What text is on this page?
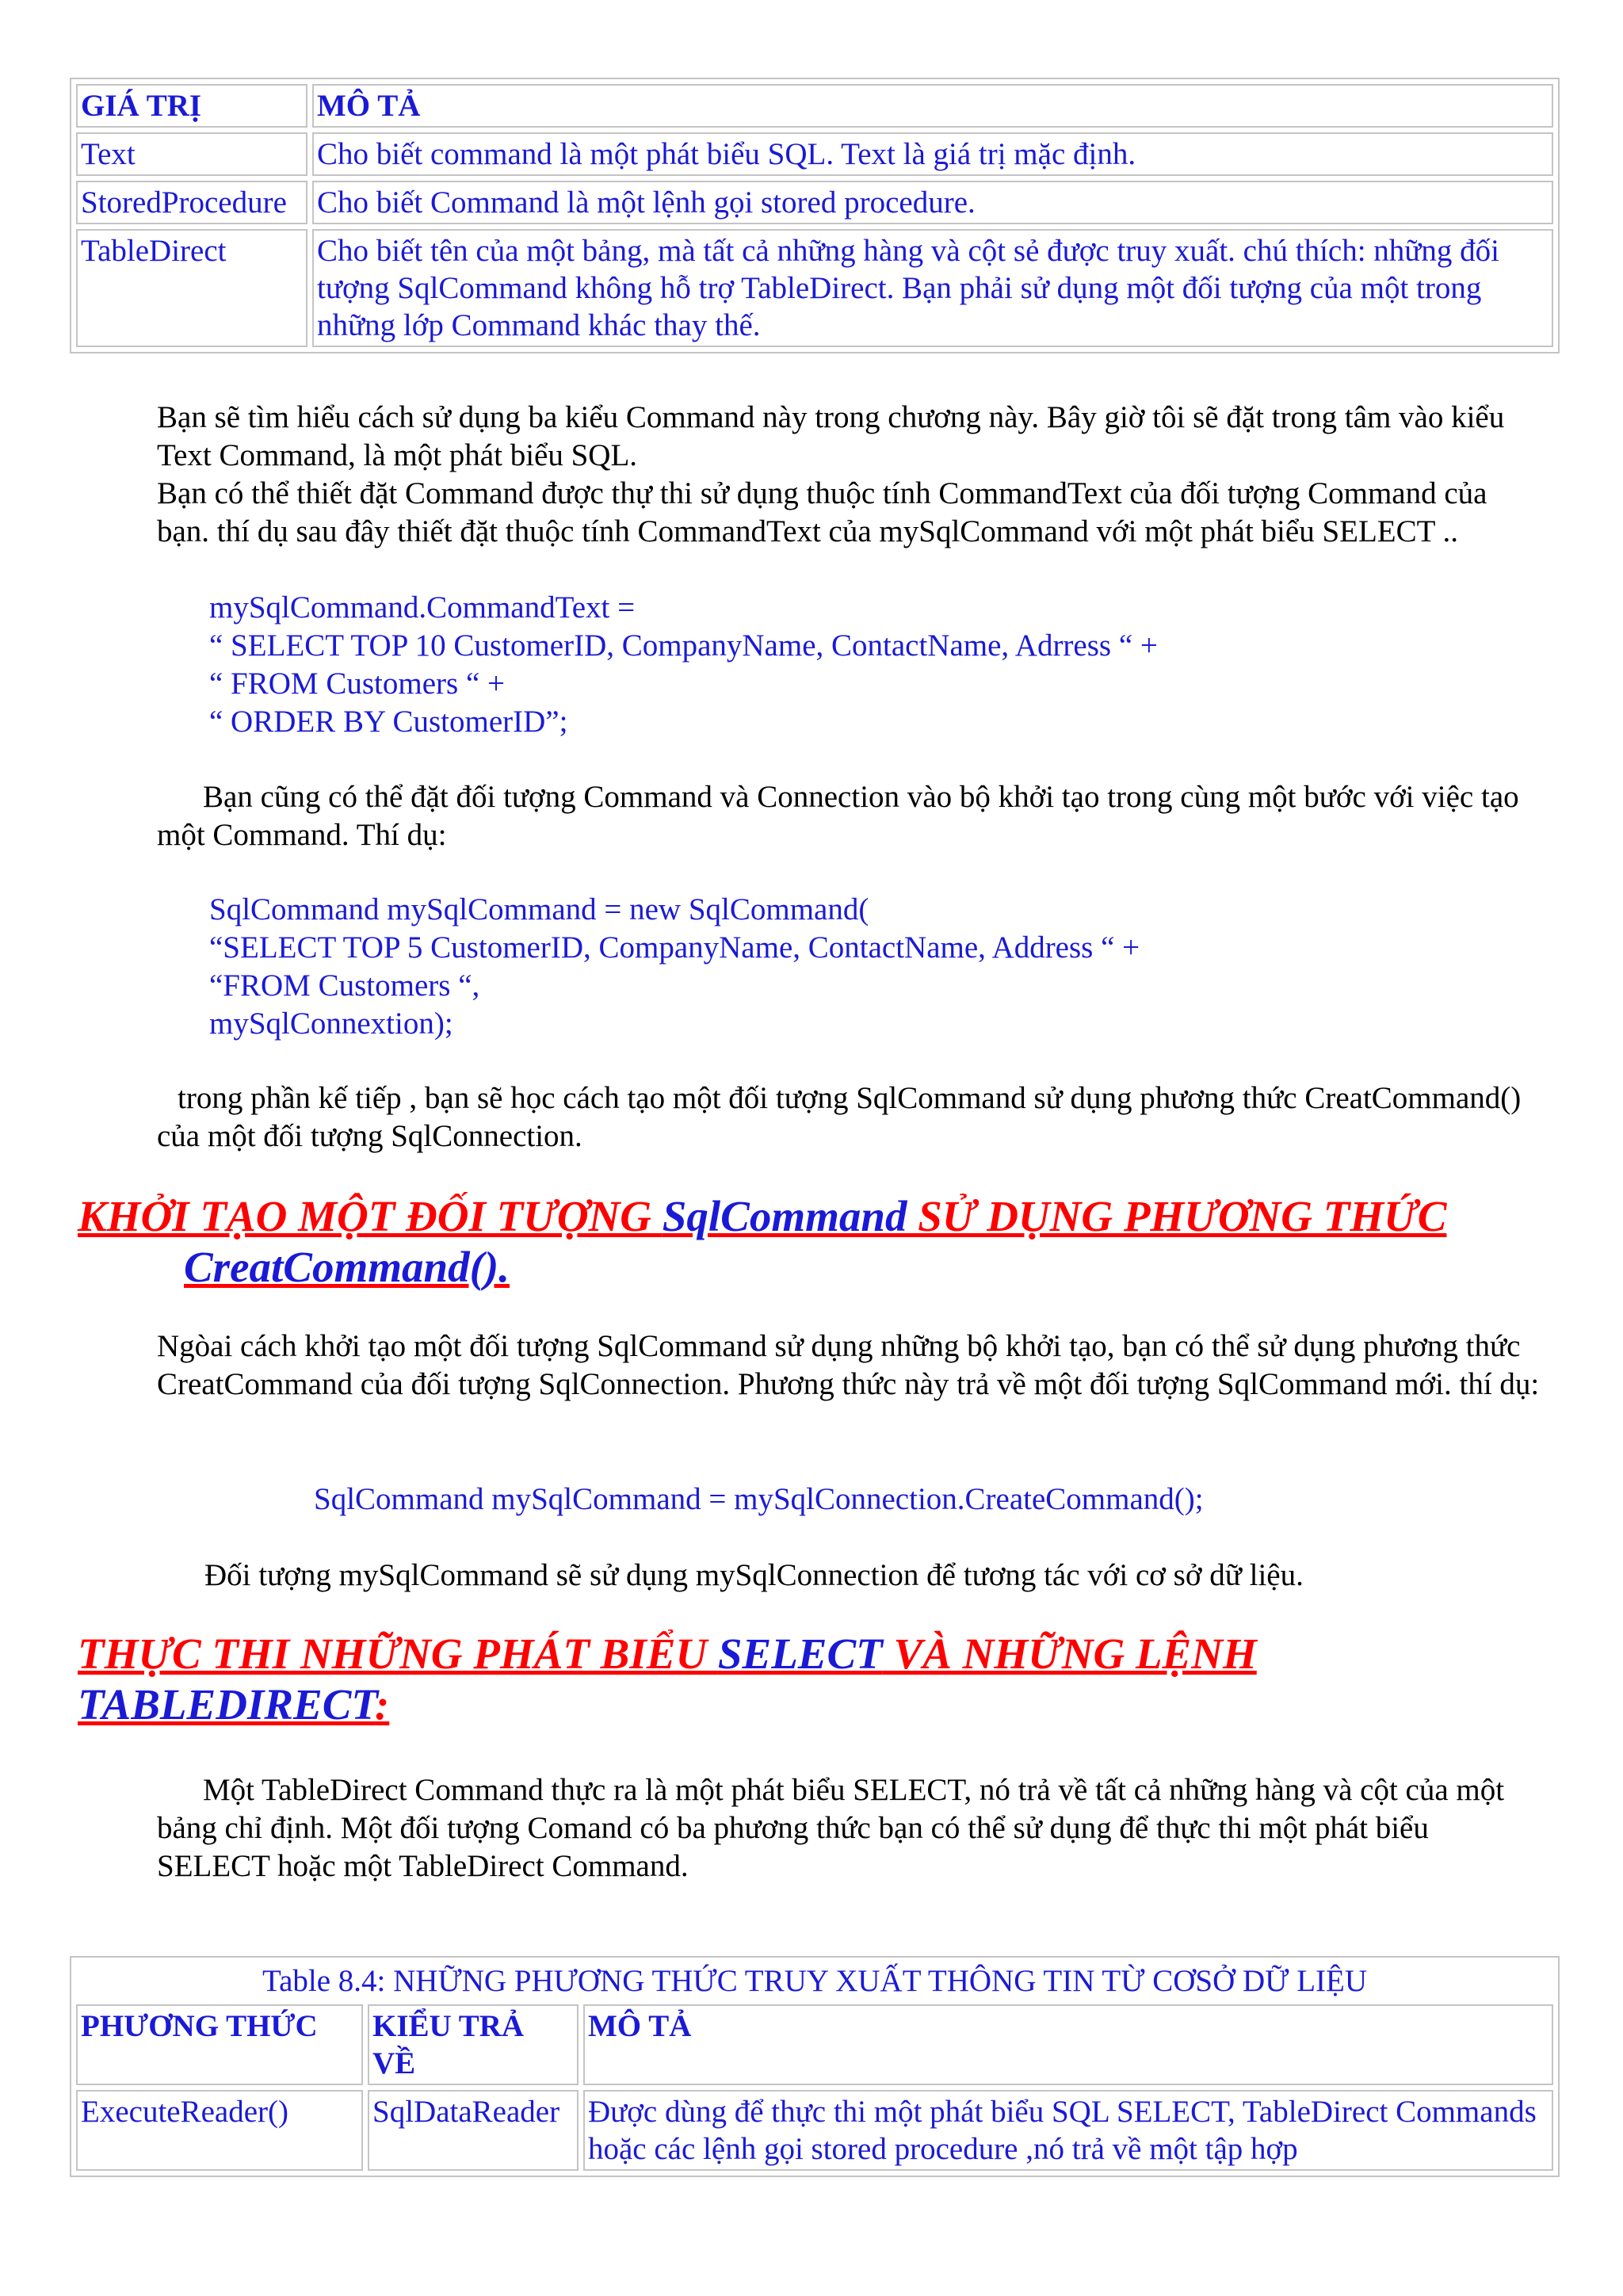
GIÁ TRỊ	MÔ TẢ
Text	Cho biết command là một phát biểu SQL. Text là giá trị mặc định.
StoredProcedure	Cho biết Command là một lệnh gọi stored procedure.
TableDirect	Cho biết tên của một bảng, mà tất cả những hàng và cột sẻ được truy xuất. chú thích: những đối tượng SqlCommand không hỗ trợ TableDirect. Bạn phải sử dụng một đối tượng của một trong những lớp Command khác thay thế.

Bạn sẽ tìm hiểu cách sử dụng ba kiểu Command này trong chương này. Bây giờ tôi sẽ đặt trong tâm vào kiểu Text Command, là một phát biểu SQL.

Bạn có thể thiết đặt Command được thự thi sử dụng thuộc tính CommandText của đối tượng Command của bạn. thí dụ sau đây thiết đặt thuộc tính CommandText của mySqlCommand với một phát biểu SELECT ..

mySqlCommand.CommandText =
“ SELECT TOP 10 CustomerID, CompanyName, ContactName, Adrress “ +
“ FROM Customers “ +
“ ORDER BY CustomerID”;

Bạn cũng có thể đặt đối tượng Command và Connection vào bộ khởi tạo trong cùng một bước với việc tạo một Command. Thí dụ:

SqlCommand mySqlCommand = new SqlCommand(
“SELECT TOP 5 CustomerID, CompanyName, ContactName, Address “ +
“FROM Customers “,
mySqlConnextion);

trong phần kế tiếp , bạn sẽ học cách tạo một đối tượng SqlCommand sử dụng phương thức CreatCommand() của một đối tượng SqlConnection.

KHỞI TẠO MỘT ĐỐI TƯỢNG SqlCommand SỬ DỤNG PHƯƠNG THỨC
CreatCommand().

Ngòai cách khởi tạo một đối tượng SqlCommand sử dụng những bộ khởi tạo, bạn có thể sử dụng phương thức CreatCommand của đối tượng SqlConnection. Phương thức này trả về một đối tượng SqlCommand mới. thí dụ:

SqlCommand mySqlCommand = mySqlConnection.CreateCommand();

Đối tượng mySqlCommand sẽ sử dụng mySqlConnection để tương tác với cơ sở dữ liệu.

THỰC THI NHỮNG PHÁT BIỂU SELECT VÀ NHỮNG LỆNH
TABLEDIRECT:

Một TableDirect Command thực ra là một phát biểu SELECT, nó trả về tất cả những hàng và cột của một bảng chỉ định. Một đối tượng Comand có ba phương thức bạn có thể sử dụng để thực thi một phát biểu SELECT hoặc một TableDirect Command.

Table 8.4: NHỮNG PHƯƠNG THỨC TRUY XUẤT THÔNG TIN TỪ CƠSỞ DỮ LIỆU		
PHƯƠNG THỨC	KIỂU TRẢ VỀ	MÔ TẢ
ExecuteReader()	SqlDataReader	Được dùng để thực thi một phát biểu SQL SELECT, TableDirect Commands hoặc các lệnh gọi stored procedure ,nó trả về một tập hợp
